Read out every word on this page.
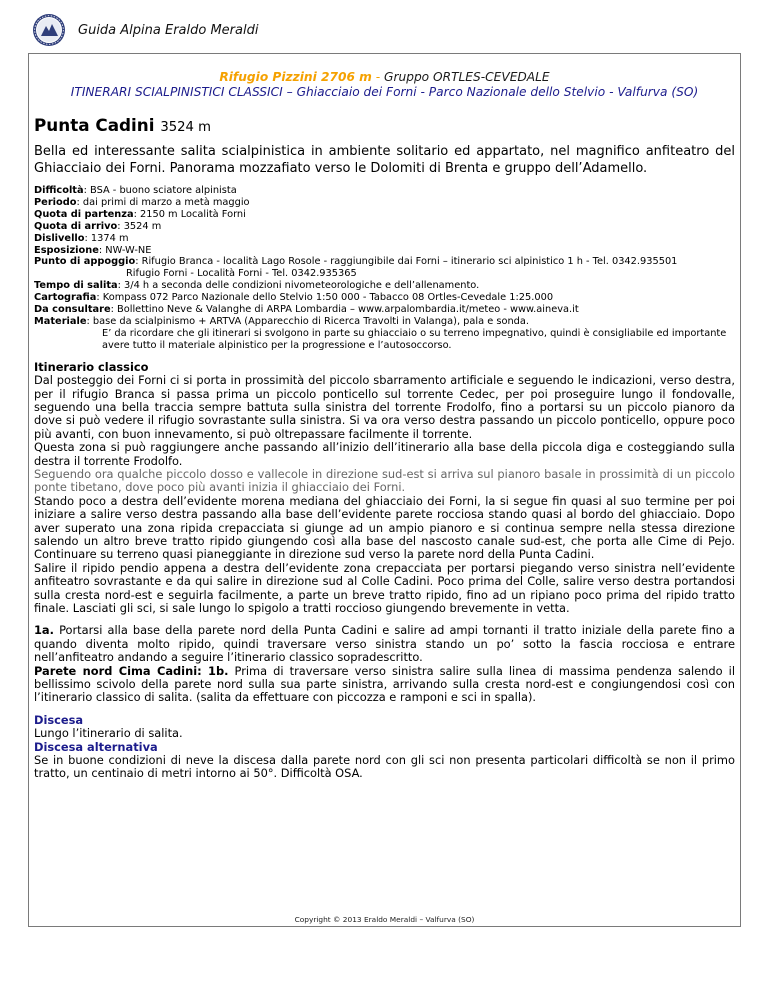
Guida Alpina Eraldo Meraldi
Rifugio Pizzini 2706 m - Gruppo ORTLES-CEVEDALE
ITINERARI SCIALPINISTICI CLASSICI – Ghiacciaio dei Forni - Parco Nazionale dello Stelvio - Valfurva (SO)
Punta Cadini 3524 m

Bella ed interessante salita scialpinistica in ambiente solitario ed appartato, nel magnifico anfiteatro del Ghiacciaio dei Forni. Panorama mozzafiato verso le Dolomiti di Brenta e gruppo dell’Adamello.

Difficoltà: BSA - buono sciatore alpinista
Periodo: dai primi di marzo a metà maggio
Quota di partenza: 2150 m Località Forni
Quota di arrivo: 3524 m
Dislivello: 1374 m
Esposizione: NW-W-NE
Punto di appoggio: Rifugio Branca - località Lago Rosole - raggiungibile dai Forni – itinerario sci alpinistico 1 h - Tel. 0342.935501
Rifugio Forni - Località Forni - Tel. 0342.935365
Tempo di salita: 3/4 h a seconda delle condizioni nivometeorologiche e dell’allenamento.
Cartografia: Kompass 072 Parco Nazionale dello Stelvio 1:50 000 - Tabacco 08 Ortles-Cevedale 1:25.000
Da consultare: Bollettino Neve & Valanghe di ARPA Lombardia – www.arpalombardia.it/meteo - www.aineva.it
Materiale: base da scialpinismo + ARTVA (Apparecchio di Ricerca Travolti in Valanga), pala e sonda.
E’ da ricordare che gli itinerari si svolgono in parte su ghiacciaio o su terreno impegnativo, quindi è consigliabile ed importante avere tutto il materiale alpinistico per la progressione e l’autosoccorso.

Itinerario classico

Dal posteggio dei Forni ci si porta in prossimità del piccolo sbarramento artificiale e seguendo le indicazioni, verso destra, per il rifugio Branca si passa prima un piccolo ponticello sul torrente Cedec, per poi proseguire lungo il fondovalle, seguendo una bella traccia sempre battuta sulla sinistra del torrente Frodolfo, fino a portarsi su un piccolo pianoro da dove si può vedere il rifugio sovrastante sulla sinistra. Si va ora verso destra passando un piccolo ponticello, oppure poco più avanti, con buon innevamento, si può oltrepassare facilmente il torrente.

Questa zona si può raggiungere anche passando all’inizio dell’itinerario alla base della piccola diga e costeggiando sulla destra il torrente Frodolfo.

Seguendo ora qualche piccolo dosso e vallecole in direzione sud-est si arriva sul pianoro basale in prossimità di un piccolo ponte tibetano, dove poco più avanti inizia il ghiacciaio dei Forni.

Stando poco a destra dell’evidente morena mediana del ghiacciaio dei Forni, la si segue fin quasi al suo termine per poi iniziare a salire verso destra passando alla base dell’evidente parete rocciosa stando quasi al bordo del ghiacciaio. Dopo aver superato una zona ripida crepacciata si giunge ad un ampio pianoro e si continua sempre nella stessa direzione salendo un altro breve tratto ripido giungendo così alla base del nascosto canale sud-est, che porta alle Cime di Pejo. Continuare su terreno quasi pianeggiante in direzione sud verso la parete nord della Punta Cadini.

Salire il ripido pendio appena a destra dell’evidente zona crepacciata per portarsi piegando verso sinistra nell’evidente anfiteatro sovrastante e da qui salire in direzione sud al Colle Cadini. Poco prima del Colle, salire verso destra portandosi sulla cresta nord-est e seguirla facilmente, a parte un breve tratto ripido, fino ad un ripiano poco prima del ripido tratto finale. Lasciati gli sci, si sale lungo lo spigolo a tratti roccioso giungendo brevemente in vetta.

1a. Portarsi alla base della parete nord della Punta Cadini e salire ad ampi tornanti il tratto iniziale della parete fino a quando diventa molto ripido, quindi traversare verso sinistra stando un po’ sotto la fascia rocciosa e entrare nell’anfiteatro andando a seguire l’itinerario classico sopradescritto.

Parete nord Cima Cadini: 1b. Prima di traversare verso sinistra salire sulla linea di massima pendenza salendo il bellissimo scivolo della parete nord sulla sua parte sinistra, arrivando sulla cresta nord-est e congiungendosi così con l’itinerario classico di salita. (salita da effettuare con piccozza e ramponi e sci in spalla).

Discesa

Lungo l’itinerario di salita.

Discesa alternativa

Se in buone condizioni di neve la discesa dalla parete nord con gli sci non presenta particolari difficoltà se non il primo tratto, un centinaio di metri intorno ai 50°. Difficoltà OSA.

Copyright © 2013 Eraldo Meraldi – Valfurva (SO)
